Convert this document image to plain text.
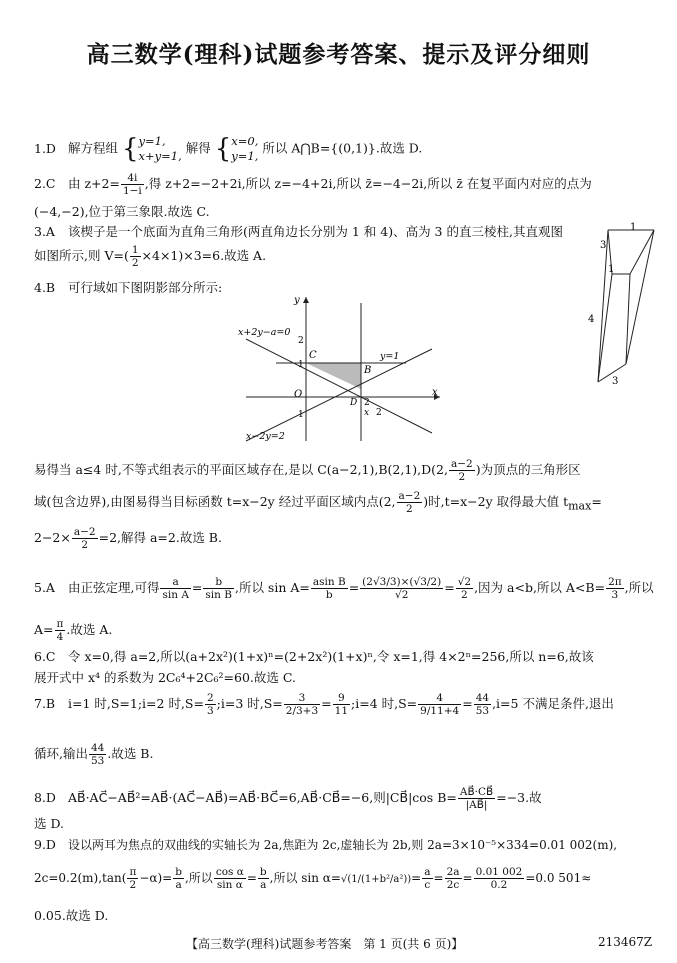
高三数学(理科)试题参考答案、提示及评分细则
1.D 解方程组 { y=1,
x+y=1,
解得 { x=0,
y=1,
所以 A⋂B={(0,1)}.故选 D.
2.C 由 $z+2= \frac{4i}{1-i}$ ,得 z+2=−2+2i,所以 z=−4+2i,所以 z̄=−4−2i,所以 z̄ 在复平面内对应的点为
(−4,−2),位于第三象限.故选 C.
3.A 该楔子是一个底面为直角三角形(两直角边长分别为 1 和 4)、高为 3 的直三棱柱,其直观图
如图所示,则 $V=( \frac{1}{2} \times 4\times 1)\times 3=6$.故选 A.
4.B 可行域如下图阴影部分所示:
y
x
x+2y−a=0
y=1
x−2y=2
C
B
O
D
1
2
x 2
1
2
1
3
1
4
3
易得当 a≤4 时,不等式组表示的平面区域存在,是以 C(a−2,1),B(2,1),D(2, $\frac{a-2}{2}$ )为顶点的三角形区
域(包含边界),由图易得当目标函数 t=x−2y 经过平面区域内点(2, $\frac{a-2}{2}$ )时,t=x−2y 取得最大值 $t_{max}=$
$2-2\times \frac{a-2}{2} =2$,解得 a=2.故选 B.
5.A 由正弦定理,可得 $\frac{a}{\text{sin A}} = \frac{b}{\text{sin B}}$ ,所以 $\sin A= \frac{\text{asin B}}{b} = \frac{(2√3/3)\times(√3/2)}{√2} = \frac{√2}{2}$ ,因为 a<b,所以 $A<B= \frac{2\pi}{3}$ ,所以
$A= \frac{\pi}{4}$ .故选 A.
6.C 令 x=0,得 a=2,所以(a+2x²)(1+x)ⁿ=(2+2x²)(1+x)ⁿ,令 x=1,得 4×2ⁿ=256,所以 n=6,故该
展开式中 x⁴ 的系数为 2C₆⁴+2C₆²=60.故选 C.
7.B i=1 时,S=1;i=2 时$,S= \frac{2}{3}$ ;i=3 时$,S= \frac{3}{2/3+3} = \frac{9}{11}$ ;i=4 时$,S= \frac{4}{9/11+4} = \frac{44}{53} ,i=5$ 不满足条件,退出
循环,输出 $\frac{44}{53}$ .故选 B.
8.D AB⃗·AC⃗−AB⃗²=AB⃗·(AC⃗−AB⃗)=AB⃗·BC⃗=6,AB⃗·CB⃗=−6,则|CB⃗|cos $B= \frac{AB⃗\cdot CB⃗}{|AB⃗|} =-3$.故
选 D.
9.D 设以两耳为焦点的双曲线的实轴长为 2a,焦距为 2c,虚轴长为 2b,则 2a=3×10⁻⁵×334=0.01 002(m),
$2c=0.2(m),\tan( \frac{\pi}{2} -\alpha)= \frac{b}{a}$ ,所以 $\frac{\text{cos α}}{\text{sin α}} = \frac{b}{a}$ ,所以 $\sin \alpha=√(1/(1+b^2/a^2))= \frac{a}{c} = \frac{2a}{2c} = \frac{0.01 002}{0.2} =0.0$ 501≈
0.05.故选 D.
【高三数学(理科)试题参考答案　第 1 页(共 6 页)】	213467Z
